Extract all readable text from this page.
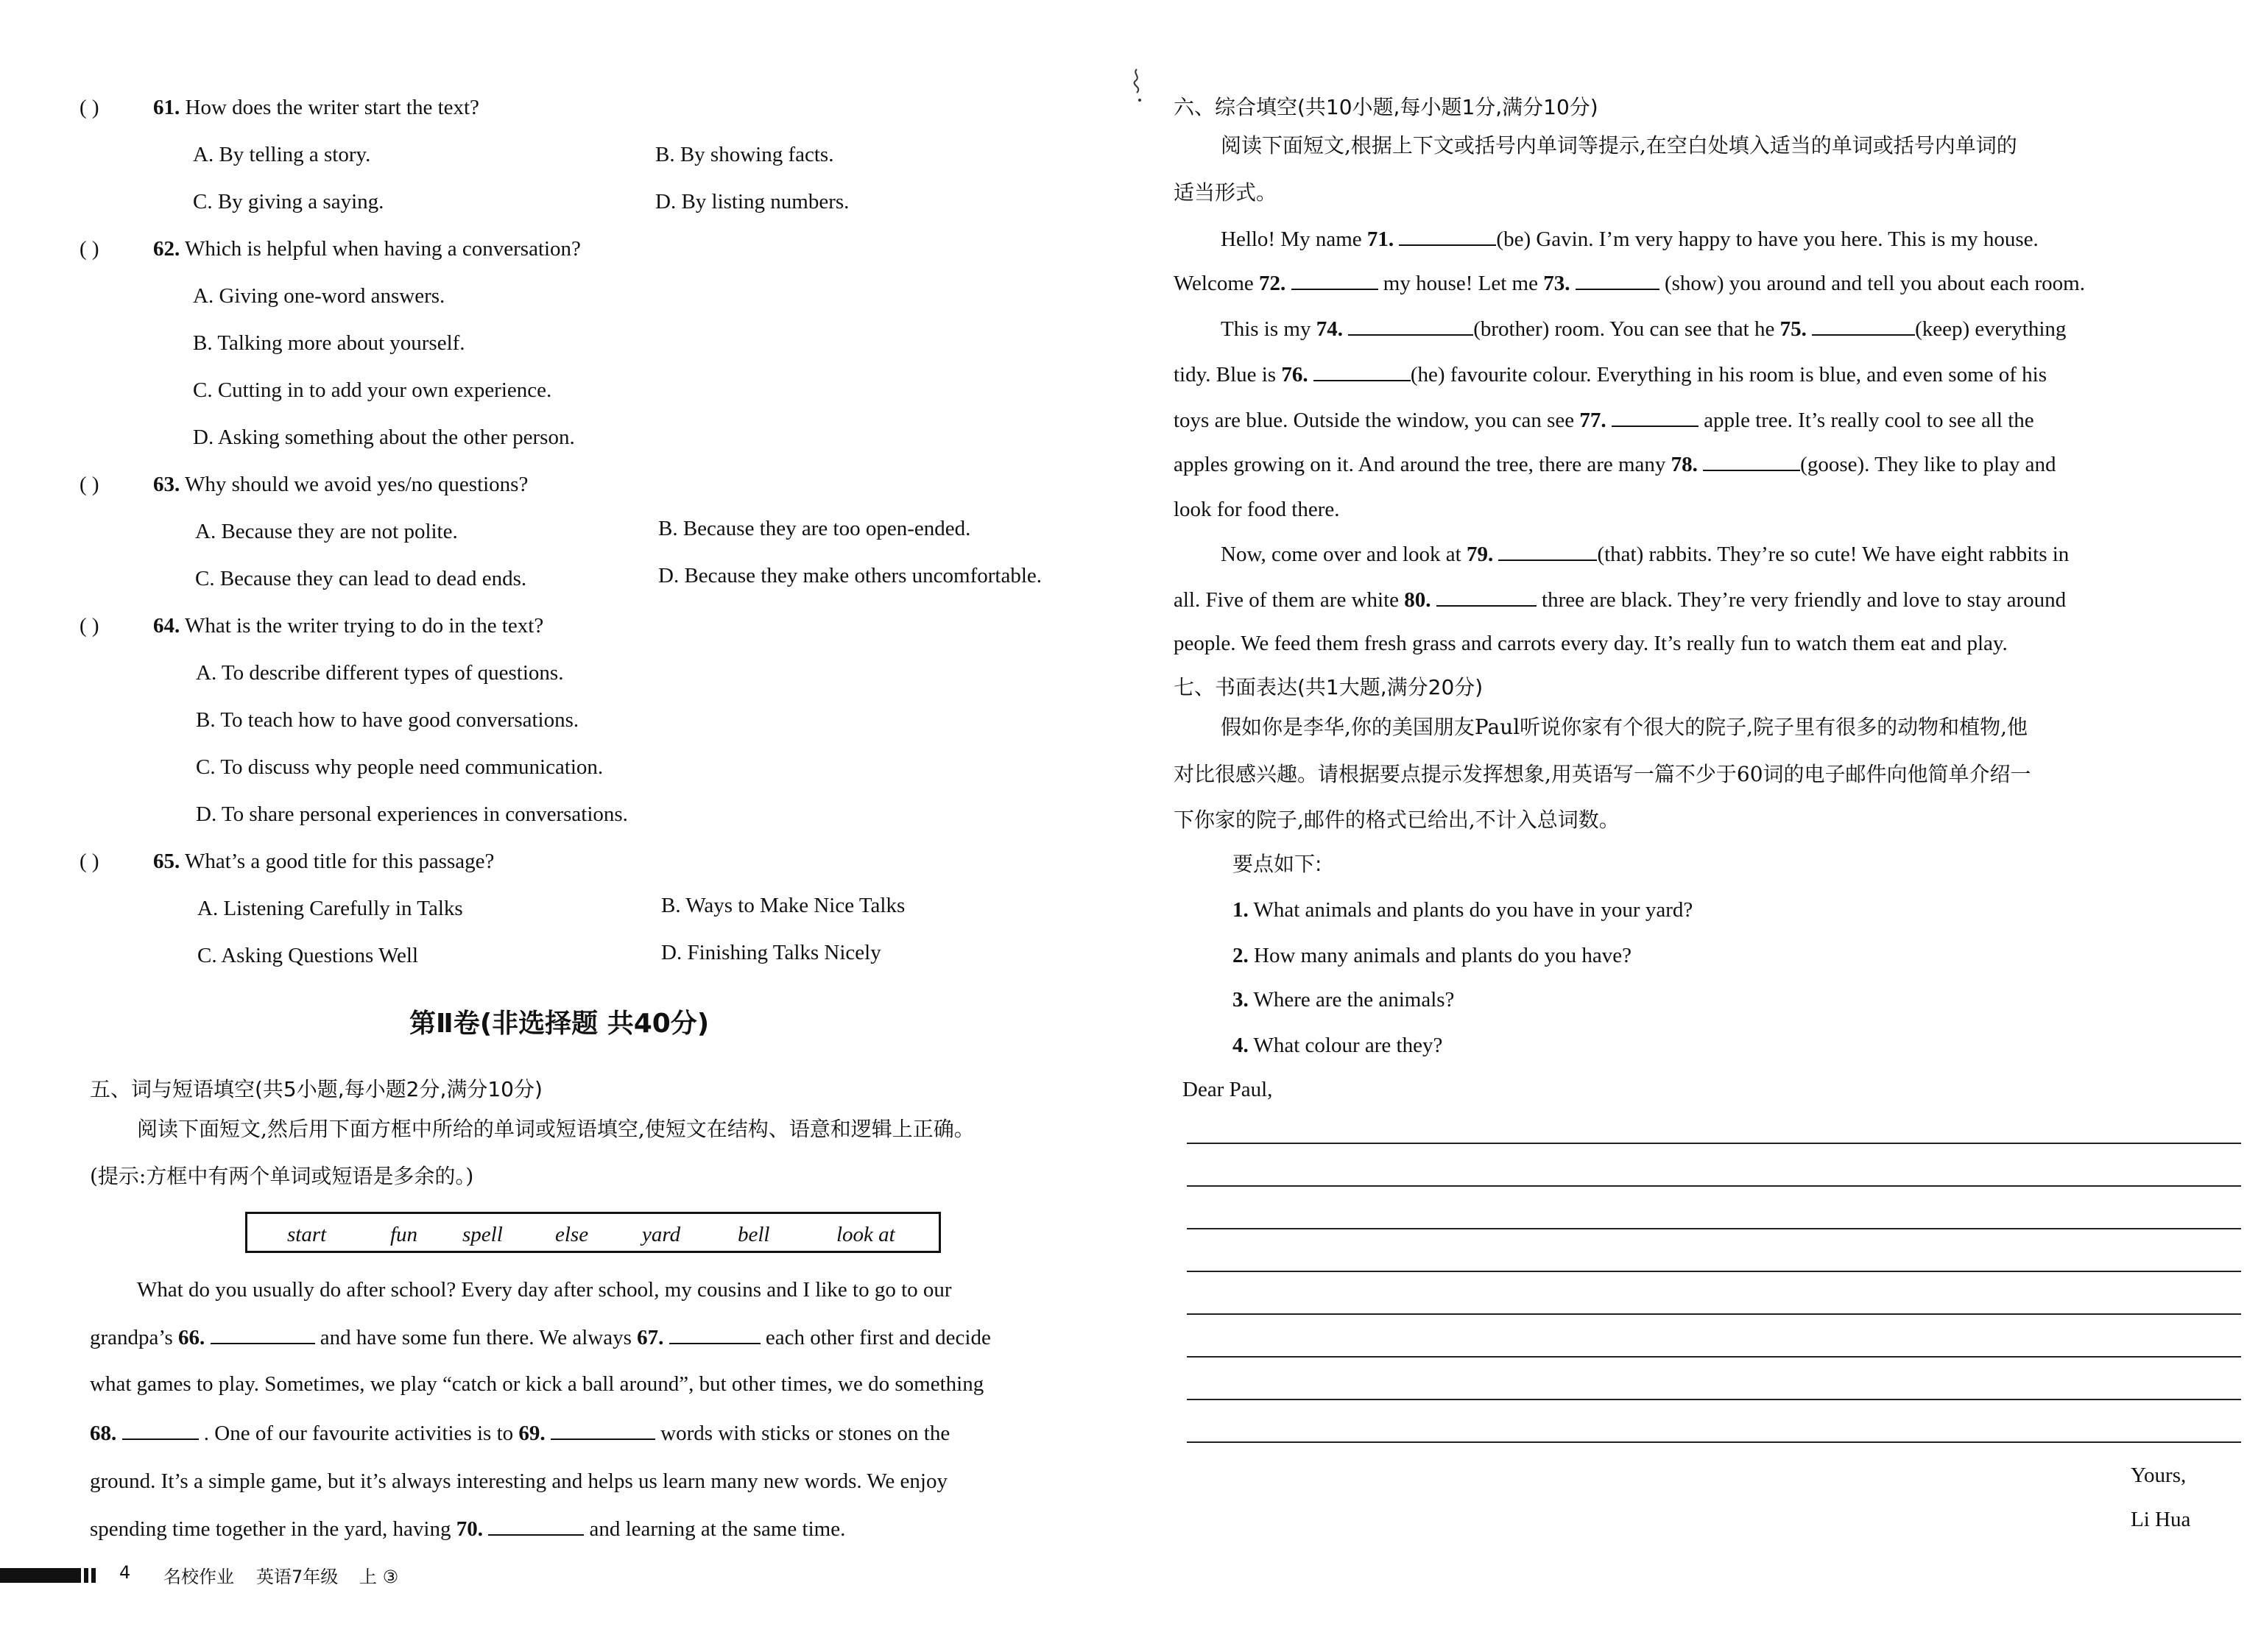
( )	61. How does the writer start the text?
A. By telling a story.	B. By showing facts.
C. By giving a saying.	D. By listing numbers.
( )	62. Which is helpful when having a conversation?
A. Giving one-word answers.
B. Talking more about yourself.
C. Cutting in to add your own experience.
D. Asking something about the other person.
( )	63. Why should we avoid yes/no questions?
A. Because they are not polite.	B. Because they are too open-ended.
C. Because they can lead to dead ends.	D. Because they make others uncomfortable.
( )	64. What is the writer trying to do in the text?
A. To describe different types of questions.
B. To teach how to have good conversations.
C. To discuss why people need communication.
D. To share personal experiences in conversations.
( )	65. What’s a good title for this passage?
A. Listening Carefully in Talks	B. Ways to Make Nice Talks
C. Asking Questions Well	D. Finishing Talks Nicely
第Ⅱ卷(非选择题 共40分)
五、词与短语填空(共5小题,每小题2分,满分10分)
阅读下面短文,然后用下面方框中所给的单词或短语填空,使短文在结构、语意和逻辑上正确。
(提示:方框中有两个单词或短语是多余的。)
start	fun spell else	yard	bell	look at
What do you usually do after school? Every day after school, my cousins and I like to go to our
grandpa’s 66.	and have some fun there. We always 67.	each other first and decide
what games to play. Sometimes, we play “catch or kick a ball around”, but other times, we do something
68.	. One of our favourite activities is to 69.	words with sticks or stones on the
ground. It’s a simple game, but it’s always interesting and helps us learn many new words. We enjoy
spending time together in the yard, having 70.	and learning at the same time.
4 名校作业 英语7年级 上 ③
六、综合填空(共10小题,每小题1分,满分10分)
阅读下面短文,根据上下文或括号内单词等提示,在空白处填入适当的单词或括号内单词的
适当形式。
Hello! My name 71.	(be) Gavin. I’m very happy to have you here. This is my house.
Welcome 72.	my house! Let me 73.	(show) you around and tell you about each room.
This is my 74.	(brother) room. You can see that he 75.	(keep) everything
tidy. Blue is 76.	(he) favourite colour. Everything in his room is blue, and even some of his
toys are blue. Outside the window, you can see 77.	apple tree. It’s really cool to see all the
apples growing on it. And around the tree, there are many 78.	(goose). They like to play and
look for food there.
Now, come over and look at 79.	(that) rabbits. They’re so cute! We have eight rabbits in
all. Five of them are white 80.	three are black. They’re very friendly and love to stay around
people. We feed them fresh grass and carrots every day. It’s really fun to watch them eat and play.
七、书面表达(共1大题,满分20分)
假如你是李华,你的美国朋友Paul听说你家有个很大的院子,院子里有很多的动物和植物,他
对比很感兴趣。请根据要点提示发挥想象,用英语写一篇不少于60词的电子邮件向他简单介绍一
下你家的院子,邮件的格式已给出,不计入总词数。
要点如下:
1. What animals and plants do you have in your yard?
2. How many animals and plants do you have?
3. Where are the animals?
4. What colour are they?
Dear Paul,
Yours,
Li Hua
